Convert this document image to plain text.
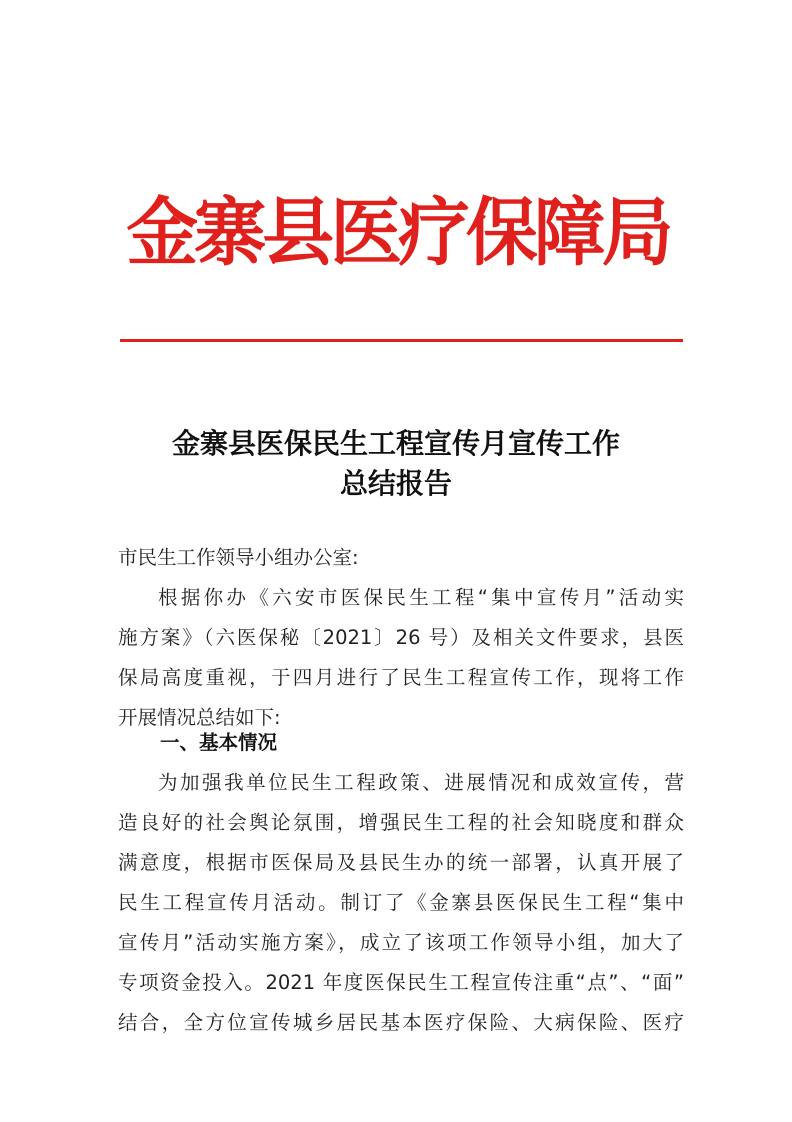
金寨县医疗保障局
金寨县医保民生工程宣传月宣传工作
总结报告
市民生工作领导小组办公室:
根据你办《六安市医保民生工程“集中宣传月”活动实
施方案》（六医保秘〔2021〕26 号）及相关文件要求，县医
保局高度重视，于四月进行了民生工程宣传工作，现将工作
开展情况总结如下:
一、基本情况
为加强我单位民生工程政策、进展情况和成效宣传，营
造良好的社会舆论氛围，增强民生工程的社会知晓度和群众
满意度，根据市医保局及县民生办的统一部署，认真开展了
民生工程宣传月活动。制订了《金寨县医保民生工程“集中
宣传月”活动实施方案》，成立了该项工作领导小组，加大了
专项资金投入。2021 年度医保民生工程宣传注重“点”、“面”
结合，全方位宣传城乡居民基本医疗保险、大病保险、医疗
